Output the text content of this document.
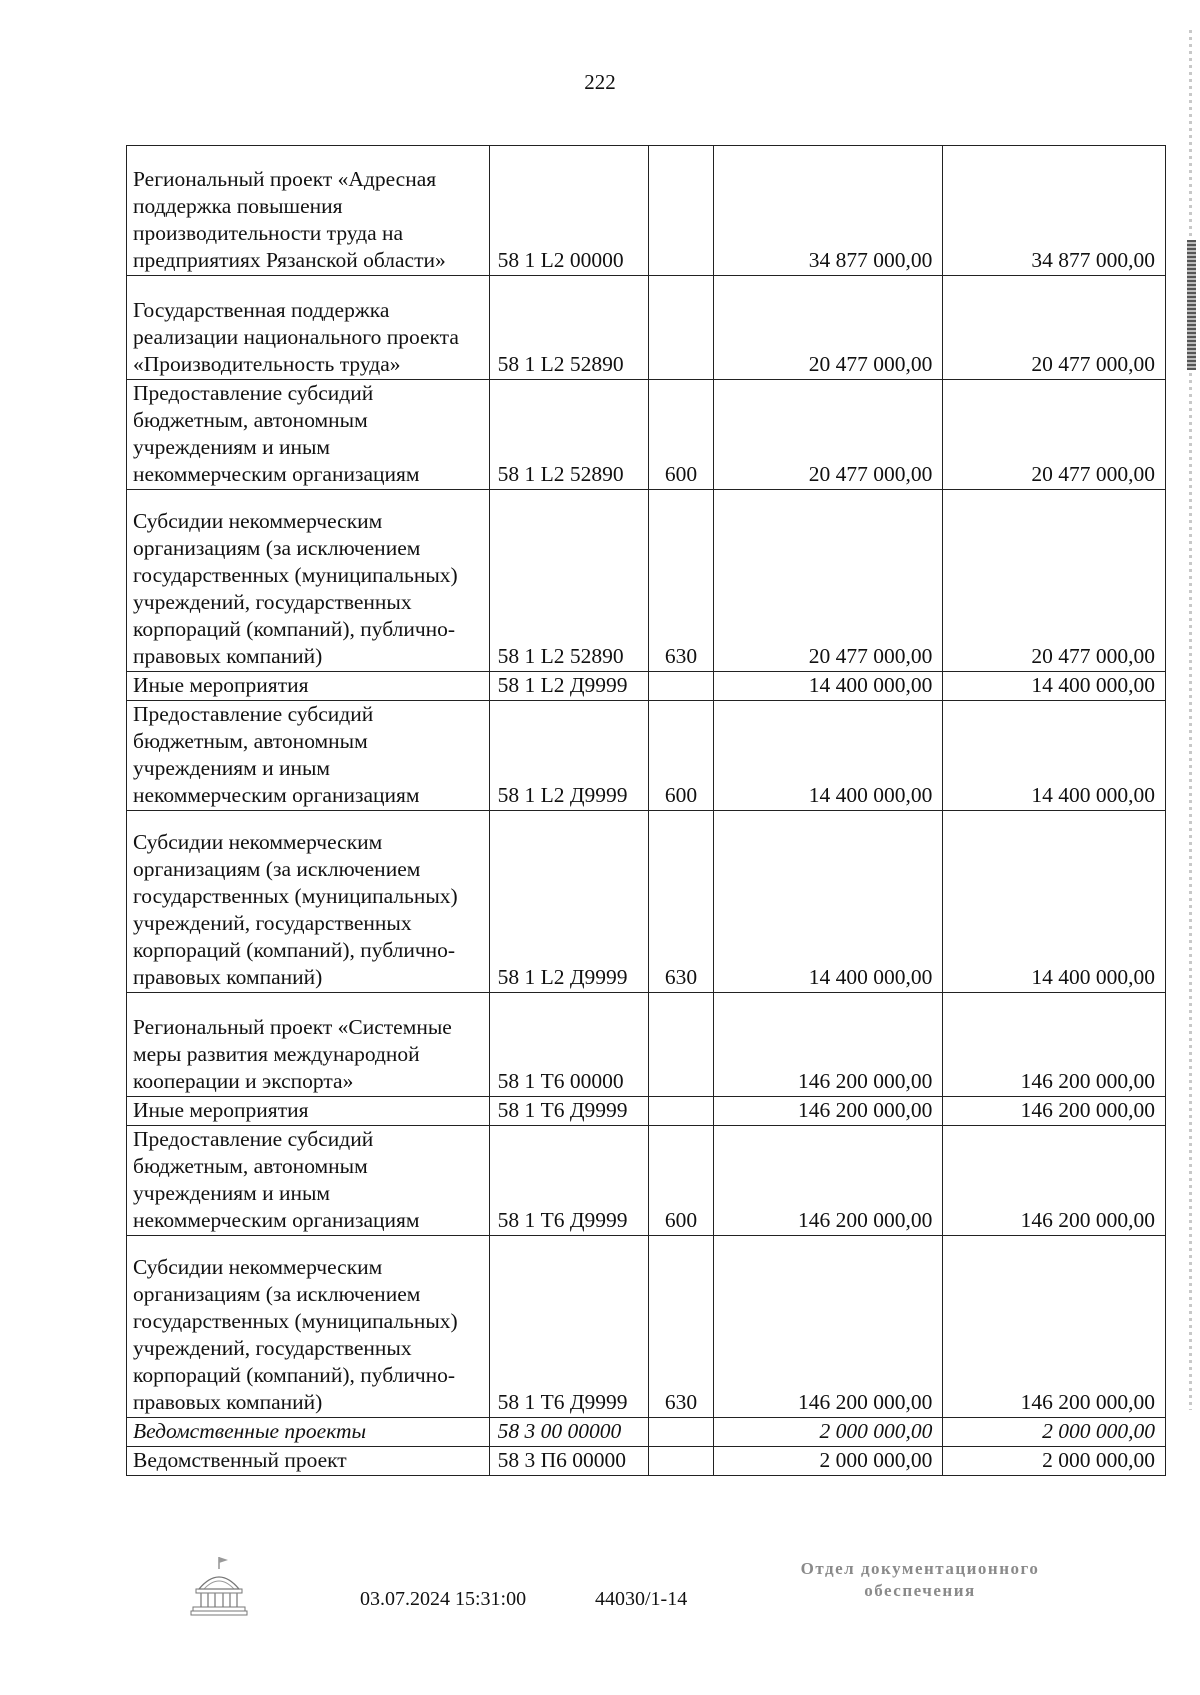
222
Региональный проект «Адресная поддержка повышения производительности труда на предприятиях Рязанской области»	58 1 L2 00000		34 877 000,00	34 877 000,00
Государственная поддержка реализации национального проекта «Производительность труда»	58 1 L2 52890		20 477 000,00	20 477 000,00
Предоставление субсидий бюджетным, автономным учреждениям и иным некоммерческим организациям	58 1 L2 52890	600	20 477 000,00	20 477 000,00
Субсидии некоммерческим организациям (за исключением государственных (муниципальных) учреждений, государственных корпораций (компаний), публично-правовых компаний)	58 1 L2 52890	630	20 477 000,00	20 477 000,00
Иные мероприятия	58 1 L2 Д9999		14 400 000,00	14 400 000,00
Предоставление субсидий бюджетным, автономным учреждениям и иным некоммерческим организациям	58 1 L2 Д9999	600	14 400 000,00	14 400 000,00
Субсидии некоммерческим организациям (за исключением государственных (муниципальных) учреждений, государственных корпораций (компаний), публично-правовых компаний)	58 1 L2 Д9999	630	14 400 000,00	14 400 000,00
Региональный проект «Системные меры развития международной кооперации и экспорта»	58 1 Т6 00000		146 200 000,00	146 200 000,00
Иные мероприятия	58 1 Т6 Д9999		146 200 000,00	146 200 000,00
Предоставление субсидий бюджетным, автономным учреждениям и иным некоммерческим организациям	58 1 Т6 Д9999	600	146 200 000,00	146 200 000,00
Субсидии некоммерческим организациям (за исключением государственных (муниципальных) учреждений, государственных корпораций (компаний), публично-правовых компаний)	58 1 Т6 Д9999	630	146 200 000,00	146 200 000,00
Ведомственные проекты	58 3 00 00000		2 000 000,00	2 000 000,00
Ведомственный проект	58 3 П6 00000		2 000 000,00	2 000 000,00
03.07.2024 15:31:00	44030/1-14
Отдел документационного
обеспечения
